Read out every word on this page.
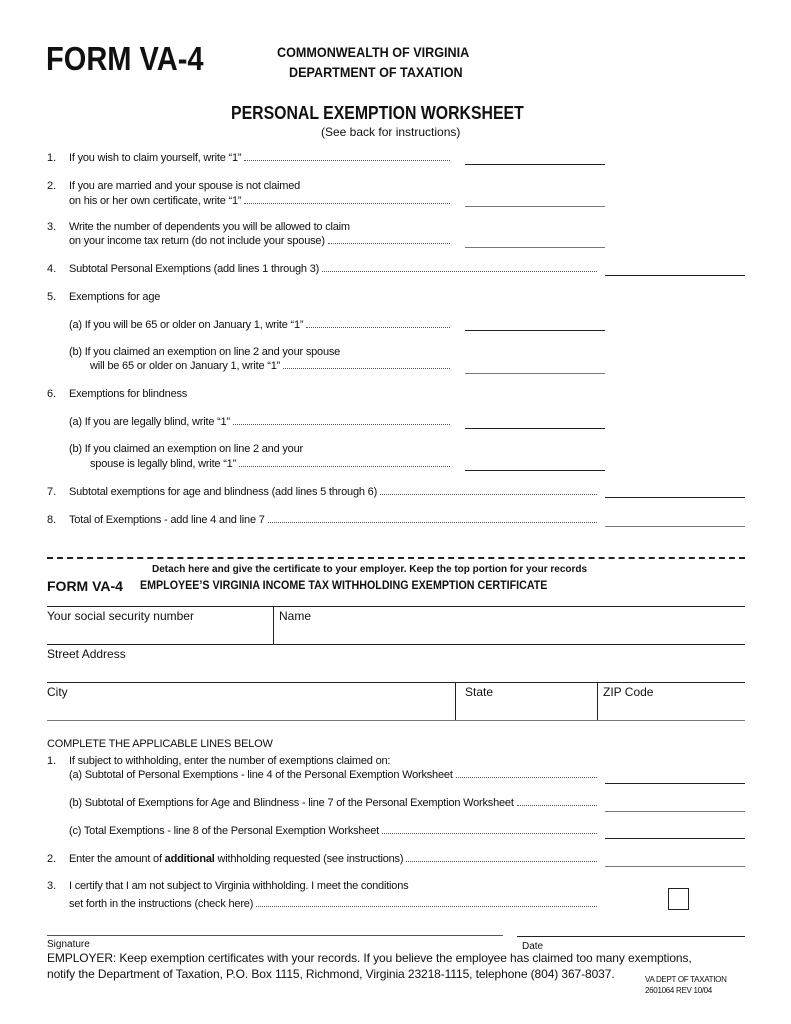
FORM VA-4	COMMONWEALTH OF VIRGINIA
DEPARTMENT OF TAXATION
PERSONAL EXEMPTION WORKSHEET
(See back for instructions)
1. If you wish to claim yourself, write “1”
2. If you are married and your spouse is not claimed
on his or her own certificate, write “1”
3. Write the number of dependents you will be allowed to claim
on your income tax return (do not include your spouse)
4. Subtotal Personal Exemptions (add lines 1 through 3)
5. Exemptions for age
(a) If you will be 65 or older on January 1, write “1”
(b) If you claimed an exemption on line 2 and your spouse
will be 65 or older on January 1, write “1”
6. Exemptions for blindness
(a) If you are legally blind, write “1”
(b) If you claimed an exemption on line 2 and your
spouse is legally blind, write “1”
7. Subtotal exemptions for age and blindness (add lines 5 through 6)
8. Total of Exemptions - add line 4 and line 7
Detach here and give the certificate to your employer. Keep the top portion for your records
FORM VA-4 EMPLOYEE’S VIRGINIA INCOME TAX WITHHOLDING EXEMPTION CERTIFICATE
Your social security number	Name
Street Address
City	State	ZIP Code
COMPLETE THE APPLICABLE LINES BELOW
1. If subject to withholding, enter the number of exemptions claimed on:
(a) Subtotal of Personal Exemptions - line 4 of the Personal Exemption Worksheet
(b) Subtotal of Exemptions for Age and Blindness - line 7 of the Personal Exemption Worksheet
(c) Total Exemptions - line 8 of the Personal Exemption Worksheet
2. Enter the amount of additional withholding requested (see instructions)
3. I certify that I am not subject to Virginia withholding. I meet the conditions
set forth in the instructions (check here)
Signature	Date
EMPLOYER: Keep exemption certificates with your records. If you believe the employee has claimed too many exemptions,
notify the Department of Taxation, P.O. Box 1115, Richmond, Virginia 23218-1115, telephone (804) 367-8037.	VA DEPT OF TAXATION
2601064 REV 10/04
